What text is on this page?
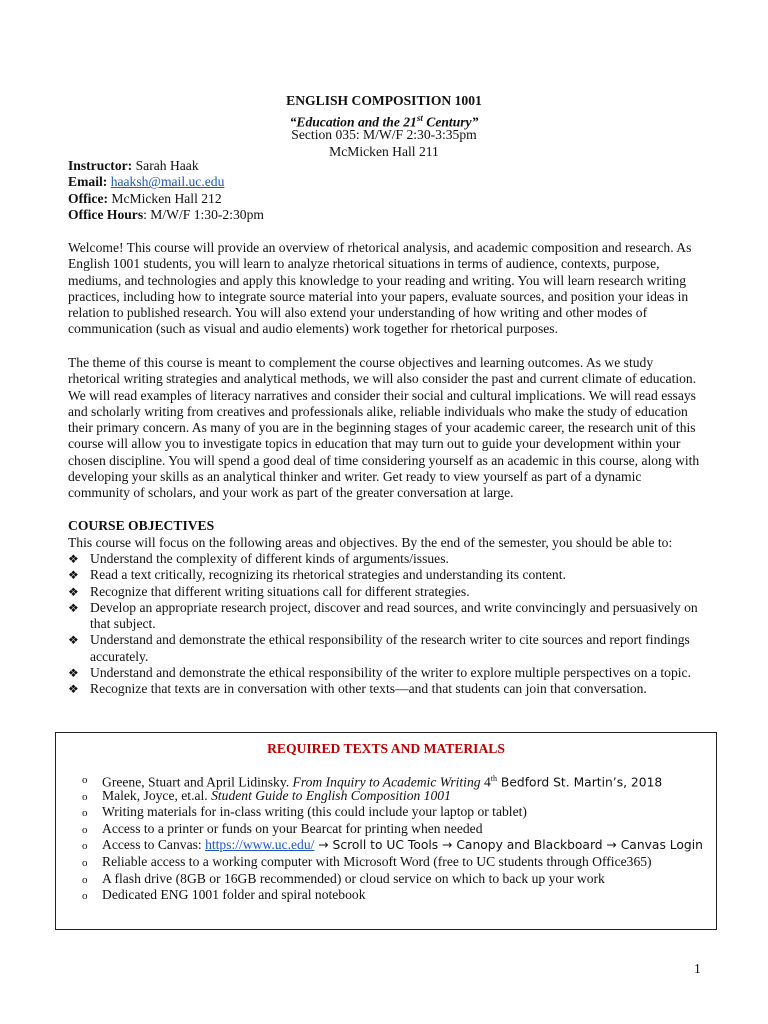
ENGLISH COMPOSITION 1001
“Education and the 21st Century”
Section 035: M/W/F 2:30-3:35pm
McMicken Hall 211
Instructor: Sarah Haak
Email: haaksh@mail.uc.edu
Office: McMicken Hall 212
Office Hours: M/W/F 1:30-2:30pm

Welcome! This course will provide an overview of rhetorical analysis, and academic composition and research. As English 1001 students, you will learn to analyze rhetorical situations in terms of audience, contexts, purpose, mediums, and technologies and apply this knowledge to your reading and writing. You will learn research writing practices, including how to integrate source material into your papers, evaluate sources, and position your ideas in relation to published research. You will also extend your understanding of how writing and other modes of communication (such as visual and audio elements) work together for rhetorical purposes.

The theme of this course is meant to complement the course objectives and learning outcomes. As we study rhetorical writing strategies and analytical methods, we will also consider the past and current climate of education. We will read examples of literacy narratives and consider their social and cultural implications. We will read essays and scholarly writing from creatives and professionals alike, reliable individuals who make the study of education their primary concern. As many of you are in the beginning stages of your academic career, the research unit of this course will allow you to investigate topics in education that may turn out to guide your development within your chosen discipline. You will spend a good deal of time considering yourself as an academic in this course, along with developing your skills as an analytical thinker and writer. Get ready to view yourself as part of a dynamic community of scholars, and your work as part of the greater conversation at large.

COURSE OBJECTIVES
This course will focus on the following areas and objectives. By the end of the semester, you should be able to:
❖ Understand the complexity of different kinds of arguments/issues.
❖ Read a text critically, recognizing its rhetorical strategies and understanding its content.
❖ Recognize that different writing situations call for different strategies.
❖ Develop an appropriate research project, discover and read sources, and write convincingly and persuasively on that subject.
❖ Understand and demonstrate the ethical responsibility of the research writer to cite sources and report findings accurately.
❖ Understand and demonstrate the ethical responsibility of the writer to explore multiple perspectives on a topic.
❖ Recognize that texts are in conversation with other texts—and that students can join that conversation.
REQUIRED TEXTS AND MATERIALS
o Greene, Stuart and April Lidinsky. From Inquiry to Academic Writing 4th Bedford St. Martin’s, 2018
o Malek, Joyce, et.al. Student Guide to English Composition 1001
o Writing materials for in-class writing (this could include your laptop or tablet)
o Access to a printer or funds on your Bearcat for printing when needed
o Access to Canvas: https://www.uc.edu/ → Scroll to UC Tools → Canopy and Blackboard → Canvas Login
o Reliable access to a working computer with Microsoft Word (free to UC students through Office365)
o A flash drive (8GB or 16GB recommended) or cloud service on which to back up your work
o Dedicated ENG 1001 folder and spiral notebook
1
